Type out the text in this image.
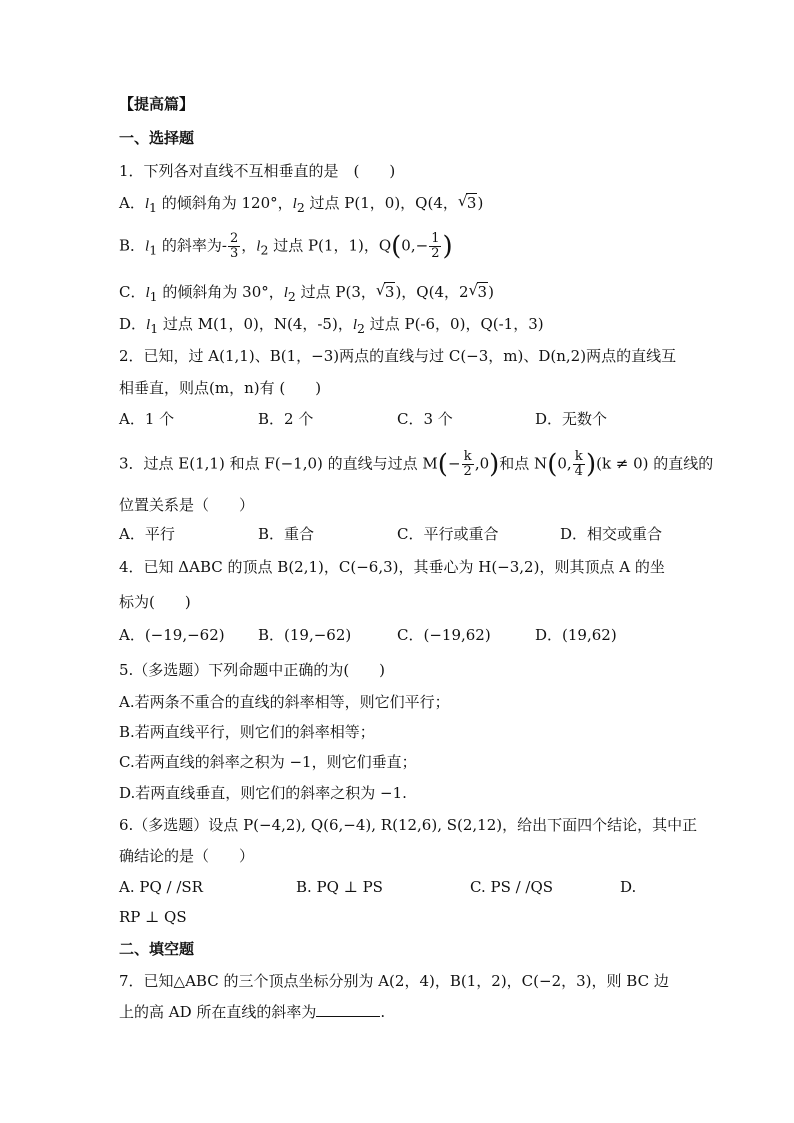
【提高篇】
一、选择题
1．下列各对直线不互相垂直的是　(　　)
A．$l_1$ 的倾斜角为 120°，$l_2$ 过点 P(1，0)，Q(4， √ 3)
B．$l_1$ 的斜率为- $\frac{2}{3}$ ，$l_2$ 过点 P(1，1)，$Q(0,- \frac{1}{2}$ )
C．$l_1$ 的倾斜角为 30°，$l_2$ 过点 P(3， √ 3)，Q(4，2 √ 3)
D．$l_1$ 过点 M(1，0)，N(4，-5)，$l_2$ 过点 P(-6，0)，Q(-1，3)
2．已知，过 A(1,1)、B(1，−3)两点的直线与过 C(−3，m)、D(n,2)两点的直线互
相垂直，则点(m，n)有 (　　)
A．1 个	B．2 个	C．3 个	D．无数个
3．过点 E(1,1) 和点 F(−1,0) 的直线与过点 $M(- \frac{k}{2} ,0)$和点 N(0, $\frac{k}{4} )(k \ne 0)$ 的直线的
位置关系是（　　）
A．平行	B．重合	C．平行或重合	D．相交或重合
4．已知 ΔABC 的顶点 B(2,1)，C(−6,3)，其垂心为 H(−3,2)，则其顶点 A 的坐
标为(　　)
A．(−19,−62) B．(19,−62)	C．(−19,62)	D．(19,62)
5.（多选题）下列命题中正确的为(　　)
A.若两条不重合的直线的斜率相等，则它们平行；
B.若两直线平行，则它们的斜率相等；
C.若两直线的斜率之积为 −1，则它们垂直；
D.若两直线垂直，则它们的斜率之积为 −1.
6.（多选题）设点 P(−4,2), Q(6,−4), R(12,6), S(2,12)，给出下面四个结论，其中正
确结论的是（　　）
A. PQ / /SR	B. PQ ⊥ PS	C. PS / /QS	D.
RP ⊥ QS
二、填空题
7．已知△ABC 的三个顶点坐标分别为 A(2，4)，B(1，2)，C(−2，3)，则 BC 边
上的高 AD 所在直线的斜率为	.
